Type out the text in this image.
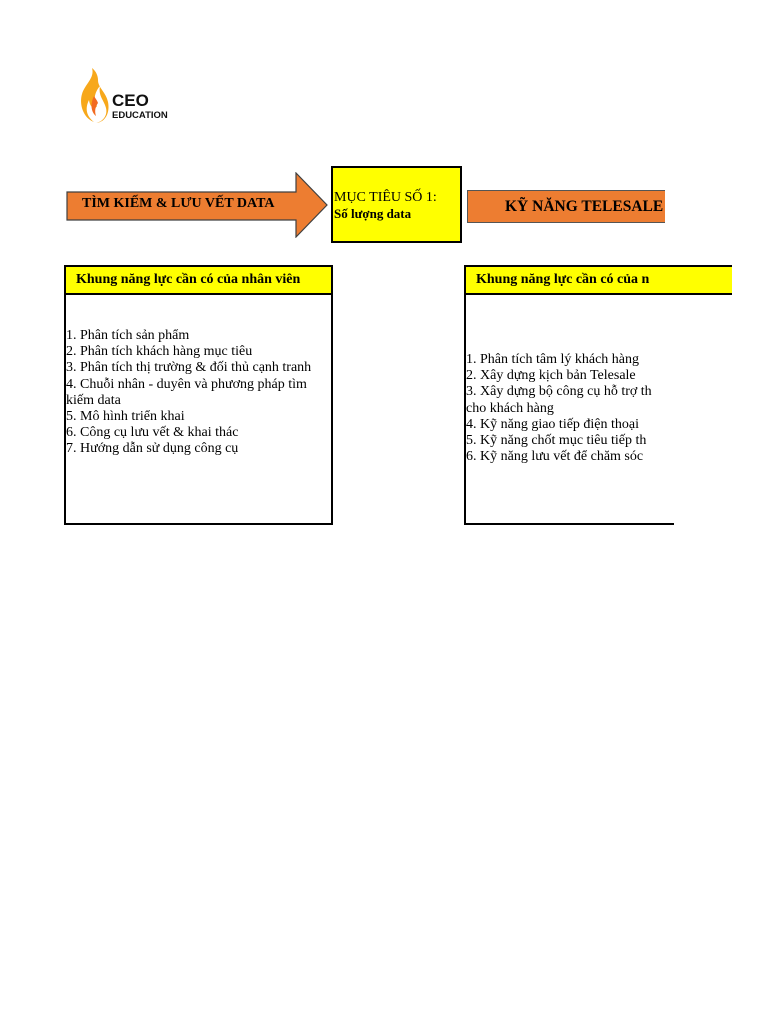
CEO
EDUCATION
TÌM KIẾM & LƯU VẾT DATA	MỤC TIÊU SỐ 1:
Số lượng data	KỸ NĂNG TELESALE
Khung năng lực cần có của nhân viên
1. Phân tích sản phẩm
2. Phân tích khách hàng mục tiêu
3. Phân tích thị trường & đối thủ cạnh tranh
4. Chuỗi nhân - duyên và phương pháp tìm kiếm data
5. Mô hình triển khai
6. Công cụ lưu vết & khai thác
7. Hướng dẫn sử dụng công cụ
Khung năng lực cần có của n
1. Phân tích tâm lý khách hàng
2. Xây dựng kịch bản Telesale
3. Xây dựng bộ công cụ hỗ trợ th
cho khách hàng
4. Kỹ năng giao tiếp điện thoại
5. Kỹ năng chốt mục tiêu tiếp th
6. Kỹ năng lưu vết để chăm sóc
